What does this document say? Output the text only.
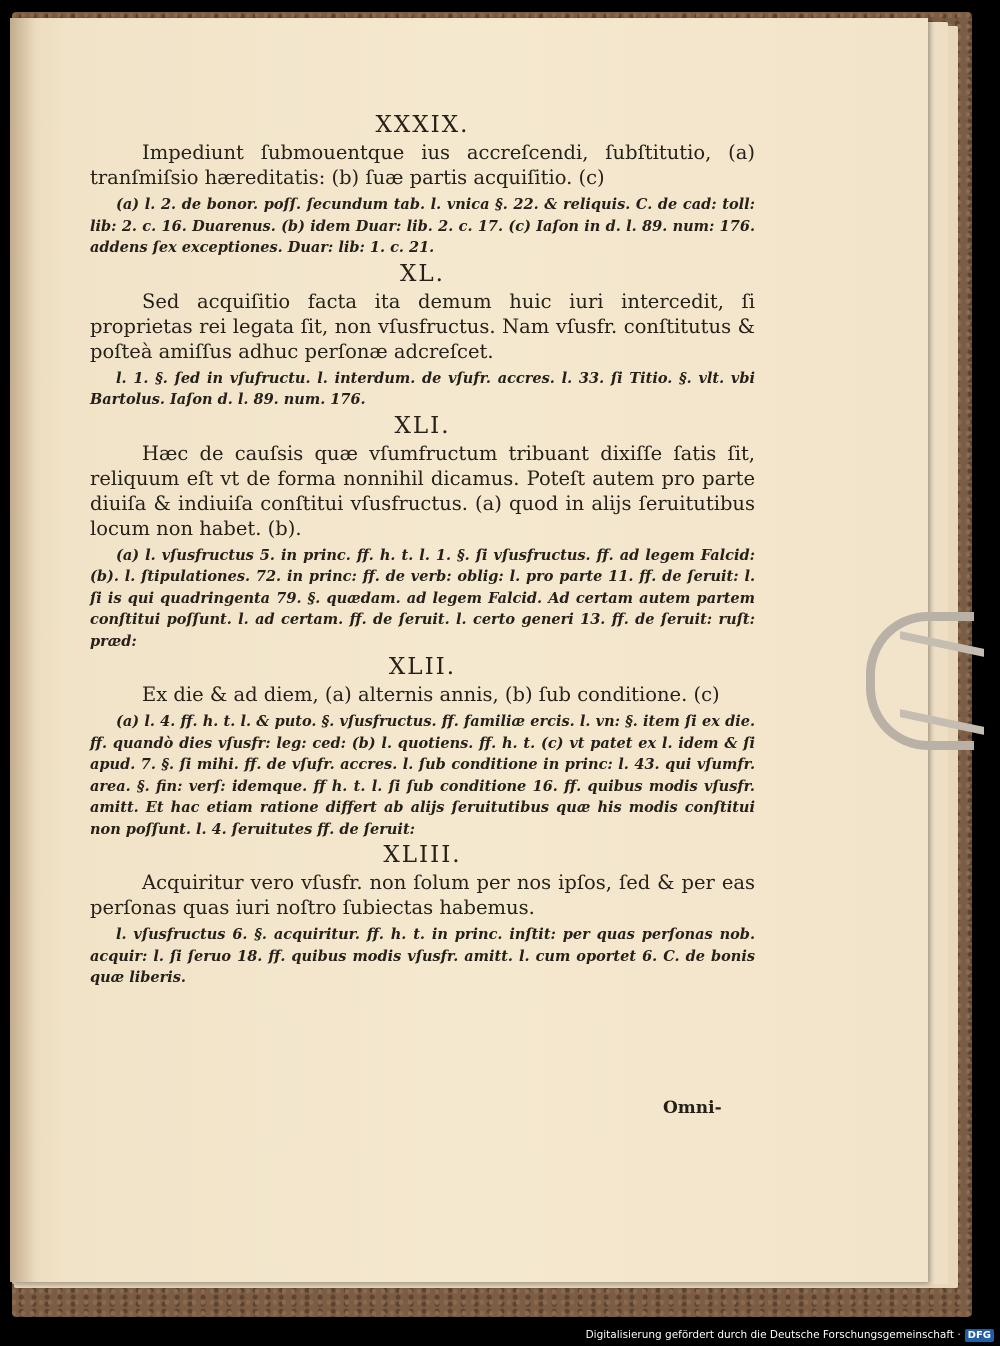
XXXIX.

Impediunt ſubmouentque ius accreſcendi, ſubſtitutio, (a) tranſmiſsio hæreditatis: (b) ſuæ partis acquiſitio. (c)

(a) l. 2. de bonor. poſſ. ſecundum tab. l. vnica §. 22. & reliquis. C. de cad: toll: lib: 2. c. 16. Duarenus. (b) idem Duar: lib. 2. c. 17. (c) Iaſon in d. l. 89. num: 176. addens ſex exceptiones. Duar: lib: 1. c. 21.

XL.

Sed acquiſitio facta ita demum huic iuri intercedit, ſi proprietas rei legata ſit, non vſusfructus. Nam vſusfr. conſtitutus & poſteà amiſſus adhuc perſonæ adcreſcet.

l. 1. §. ſed in vſufructu. l. interdum. de vſufr. accres. l. 33. ſi Titio. §. vlt. vbi Bartolus. Iaſon d. l. 89. num. 176.

XLI.

Hæc de cauſsis quæ vſumfructum tribuant dixiſſe ſatis ſit, reliquum eſt vt de forma nonnihil dicamus. Poteſt autem pro parte diuiſa & indiuiſa conſtitui vſusfructus. (a) quod in alijs ſeruitutibus locum non habet. (b).

(a) l. vſusfructus 5. in princ. ff. h. t. l. 1. §. ſi vſusfructus. ff. ad legem Falcid: (b). l. ſtipulationes. 72. in princ: ff. de verb: oblig: l. pro parte 11. ff. de ſeruit: l. ſi is qui quadringenta 79. §. quædam. ad legem Falcid. Ad certam autem partem conſtitui poſſunt. l. ad certam. ff. de ſeruit. l. certo generi 13. ff. de ſeruit: ruſt: præd:

XLII.

Ex die & ad diem, (a) alternis annis, (b) ſub conditione. (c)

(a) l. 4. ff. h. t. l. & puto. §. vſusfructus. ff. familiæ ercis. l. vn: §. item ſi ex die. ff. quandò dies vſusfr: leg: ced: (b) l. quotiens. ff. h. t. (c) vt patet ex l. idem & ſi apud. 7. §. ſi mihi. ff. de vſufr. accres. l. ſub conditione in princ: l. 43. qui vſumfr. area. §. fin: verſ: idemque. ff h. t. l. ſi ſub conditione 16. ff. quibus modis vſusfr. amitt. Et hac etiam ratione differt ab alijs ſeruitutibus quæ his modis conſtitui non poſſunt. l. 4. ſeruitutes ff. de ſeruit:

XLIII.

Acquiritur vero vſusfr. non ſolum per nos ipſos, ſed & per eas perſonas quas iuri noſtro ſubiectas habemus.

l. vſusfructus 6. §. acquiritur. ff. h. t. in princ. inſtit: per quas perſonas nob. acquir: l. ſi ſeruo 18. ff. quibus modis vſusfr. amitt. l. cum oportet 6. C. de bonis quæ liberis.

Omni-
Digitalisierung gefördert durch die Deutsche Forschungsgemeinschaft · DFG
